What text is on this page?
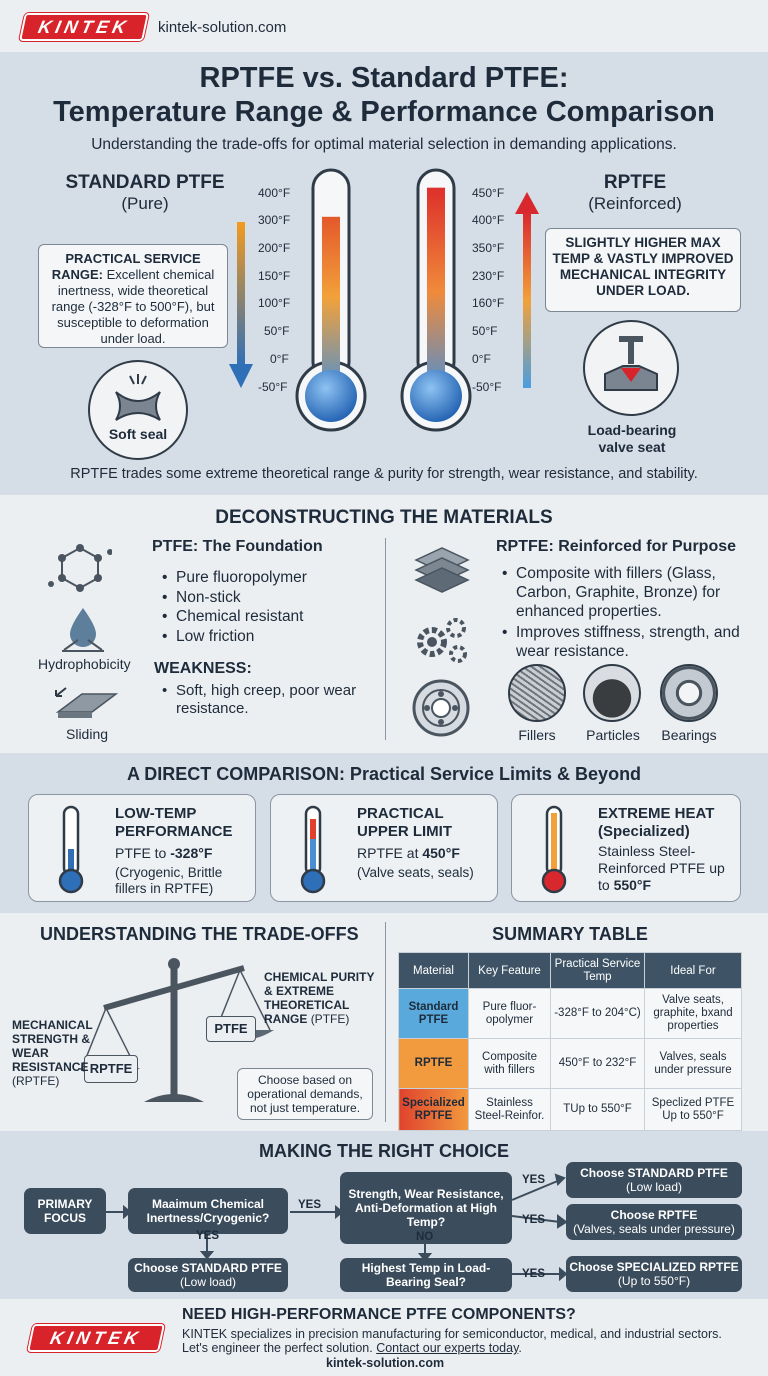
KINTEK	kintek-solution.com
RPTFE vs. Standard PTFE:
Temperature Range & Performance Comparison
Understanding the trade-offs for optimal material selection in demanding applications.
STANDARD PTFE
(Pure)
RPTFE
(Reinforced)
PRACTICAL SERVICE RANGE: Excellent chemical inertness, wide theoretical range (-328°F to 500°F), but susceptible to deformation under load.
400°F
300°F
200°F
150°F
100°F
50°F
0°F
-50°F
450°F
400°F
350°F
230°F
160°F
50°F
0°F
-50°F
SLIGHTLY HIGHER MAX TEMP & VASTLY IMPROVED MECHANICAL INTEGRITY UNDER LOAD.
Soft seal	Load-bearing valve seat
RPTFE trades some extreme theoretical range & purity for strength, wear resistance, and stability.
DECONSTRUCTING THE MATERIALS
Hydrophobicity
Sliding
PTFE: The Foundation
• Pure fluoropolymer
• Non-stick
• Chemical resistant
• Low friction
WEAKNESS:
• Soft, high creep, poor wear resistance.
RPTFE: Reinforced for Purpose
• Composite with fillers (Glass, Carbon, Graphite, Bronze) for enhanced properties.
• Improves stiffness, strength, and wear resistance.
Fillers	Particles	Bearings
A DIRECT COMPARISON: Practical Service Limits & Beyond
LOW-TEMP PERFORMANCE
PTFE to -328°F
(Cryogenic, Brittle fillers in RPTFE)
PRACTICAL UPPER LIMIT
RPTFE at 450°F
(Valve seats, seals)
EXTREME HEAT (Specialized)
Stainless Steel-Reinforced PTFE up to 550°F
UNDERSTANDING THE TRADE-OFFS
RPTFE
PTFE
CHEMICAL PURITY & EXTREME THEORETICAL RANGE (PTFE)
MECHANICAL STRENGTH & WEAR RESISTANCE (RPTFE)	Choose based on operational demands, not just temperature.
SUMMARY TABLE
Material	Key Feature	Practical Service Temp	Ideal For
Standard PTFE	Pure fluor-opolymer	-328°F to 204°C)	Valve seats, graphite, bxand properties
RPTFE	Composite with fillers	450°F to 232°F	Valves, seals under pressure
Specialized RPTFE	Stainless Steel-Reinfor.	TUp to 550°F	Speclized PTFE Up to 550°F
MAKING THE RIGHT CHOICE
PRIMARY FOCUS
Maaimum Chemical Inertness/Cryogenic?
Strength, Wear Resistance, Anti-Deformation at High Temp?
Choose STANDARD PTFE
(Low load)
Choose RPTFE
(Valves, seals under pressure)
Choose STANDARD PTFE
(Low load)
Highest Temp in Load-Bearing Seal?
Choose SPECIALIZED RPTFE
(Up to 550°F)
YES
YES	NO
YES
YES
YES
KINTEK
NEED HIGH-PERFORMANCE PTFE COMPONENTS?
KINTEK specializes in precision manufacturing for semiconductor, medical, and industrial sectors.
Let's engineer the perfect solution. Contact our experts today.
kintek-solution.com
